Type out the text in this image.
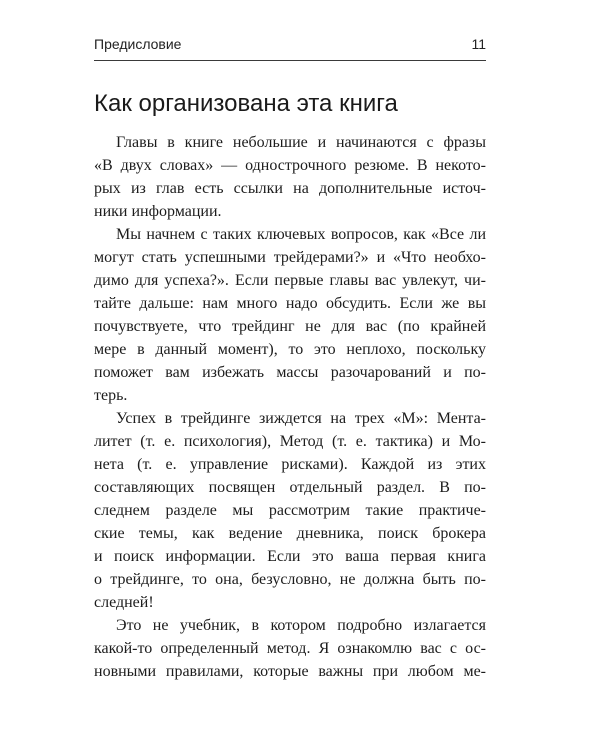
Предисловие	11
Как организована эта книга

Главы в книге небольшие и начинаются с фразы
«В двух словах» — однострочного резюме. В некото-
рых из глав есть ссылки на дополнительные источ-
ники информации.

Мы начнем с таких ключевых вопросов, как «Все ли
могут стать успешными трейдерами?» и «Что необхо-
димо для успеха?». Если первые главы вас увлекут, чи-
тайте дальше: нам много надо обсудить. Если же вы
почувствуете, что трейдинг не для вас (по крайней
мере в данный момент), то это неплохо, поскольку
поможет вам избежать массы разочарований и по-
терь.

Успех в трейдинге зиждется на трех «М»: Мента-
литет (т. е. психология), Метод (т. е. тактика) и Мо-
нета (т. е. управление рисками). Каждой из этих
составляющих посвящен отдельный раздел. В по-
следнем разделе мы рассмотрим такие практиче-
ские темы, как ведение дневника, поиск брокера
и поиск информации. Если это ваша первая книга
о трейдинге, то она, безусловно, не должна быть по-
следней!

Это не учебник, в котором подробно излагается
какой-то определенный метод. Я ознакомлю вас с ос-
новными правилами, которые важны при любом ме-
